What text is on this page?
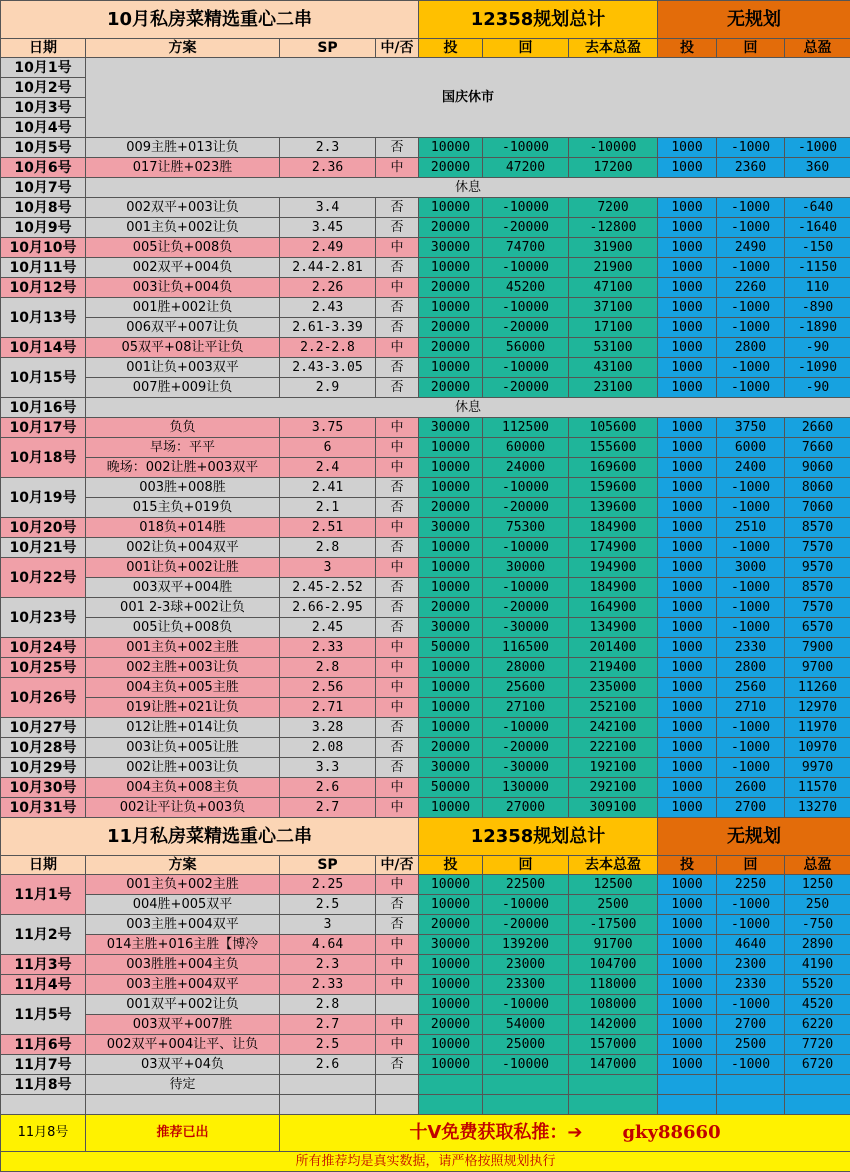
10月私房菜精选重心二串				12358规划总计			无规划		
日期	方案	SP	中/否	投	回	去本总盈	投	回	总盈
10月1号	国庆休市								
10月2号									
10月3号									
10月4号									
10月5号	009主胜+013让负	2.3	否	10000	-10000	-10000	1000	-1000	-1000
10月6号	017让胜+023胜	2.36	中	20000	47200	17200	1000	2360	360
10月7号	休息								
10月8号	002双平+003让负	3.4	否	10000	-10000	7200	1000	-1000	-640
10月9号	001主负+002让负	3.45	否	20000	-20000	-12800	1000	-1000	-1640
10月10号	005让负+008负	2.49	中	30000	74700	31900	1000	2490	-150
10月11号	002双平+004负	2.44-2.81	否	10000	-10000	21900	1000	-1000	-1150
10月12号	003让负+004负	2.26	中	20000	45200	47100	1000	2260	110
10月13号	001胜+002让负	2.43	否	10000	-10000	37100	1000	-1000	-890
	006双平+007让负	2.61-3.39	否	20000	-20000	17100	1000	-1000	-1890
10月14号	05双平+08让平让负	2.2-2.8	中	20000	56000	53100	1000	2800	-90
10月15号	001让负+003双平	2.43-3.05	否	10000	-10000	43100	1000	-1000	-1090
	007胜+009让负	2.9	否	20000	-20000	23100	1000	-1000	-90
10月16号	休息								
10月17号	负负	3.75	中	30000	112500	105600	1000	3750	2660
10月18号	早场：平平	6	中	10000	60000	155600	1000	6000	7660
	晚场：002让胜+003双平	2.4	中	10000	24000	169600	1000	2400	9060
10月19号	003胜+008胜	2.41	否	10000	-10000	159600	1000	-1000	8060
	015主负+019负	2.1	否	20000	-20000	139600	1000	-1000	7060
10月20号	018负+014胜	2.51	中	30000	75300	184900	1000	2510	8570
10月21号	002让负+004双平	2.8	否	10000	-10000	174900	1000	-1000	7570
10月22号	001让负+002让胜	3	中	10000	30000	194900	1000	3000	9570
	003双平+004胜	2.45-2.52	否	10000	-10000	184900	1000	-1000	8570
10月23号	001 2-3球+002让负	2.66-2.95	否	20000	-20000	164900	1000	-1000	7570
	005让负+008负	2.45	否	30000	-30000	134900	1000	-1000	6570
10月24号	001主负+002主胜	2.33	中	50000	116500	201400	1000	2330	7900
10月25号	002主胜+003让负	2.8	中	10000	28000	219400	1000	2800	9700
10月26号	004主负+005主胜	2.56	中	10000	25600	235000	1000	2560	11260
	019让胜+021让负	2.71	中	10000	27100	252100	1000	2710	12970
10月27号	012让胜+014让负	3.28	否	10000	-10000	242100	1000	-1000	11970
10月28号	003让负+005让胜	2.08	否	20000	-20000	222100	1000	-1000	10970
10月29号	002让胜+003让负	3.3	否	30000	-30000	192100	1000	-1000	9970
10月30号	004主负+008主负	2.6	中	50000	130000	292100	1000	2600	11570
10月31号	002让平让负+003负	2.7	中	10000	27000	309100	1000	2700	13270
11月私房菜精选重心二串				12358规划总计			无规划		
日期	方案	SP	中/否	投	回	去本总盈	投	回	总盈
11月1号	001主负+002主胜	2.25	中	10000	22500	12500	1000	2250	1250
	004胜+005双平	2.5	否	10000	-10000	2500	1000	-1000	250
11月2号	003主胜+004双平	3	否	20000	-20000	-17500	1000	-1000	-750
	014主胜+016主胜【博冷	4.64	中	30000	139200	91700	1000	4640	2890
11月3号	003胜胜+004主负	2.3	中	10000	23000	104700	1000	2300	4190
11月4号	003主胜+004双平	2.33	中	10000	23300	118000	1000	2330	5520
11月5号	001双平+002让负	2.8		10000	-10000	108000	1000	-1000	4520
	003双平+007胜	2.7	中	20000	54000	142000	1000	2700	6220
11月6号	002双平+004让平、让负	2.5	中	10000	25000	157000	1000	2500	7720
11月7号	03双平+04负	2.6	否	10000	-10000	147000	1000	-1000	6720
11月8号	待定								

11月8号	推荐已出	十V免费获取私推：➔ gky88660							
所有推荐均是真实数据，请严格按照规划执行									
